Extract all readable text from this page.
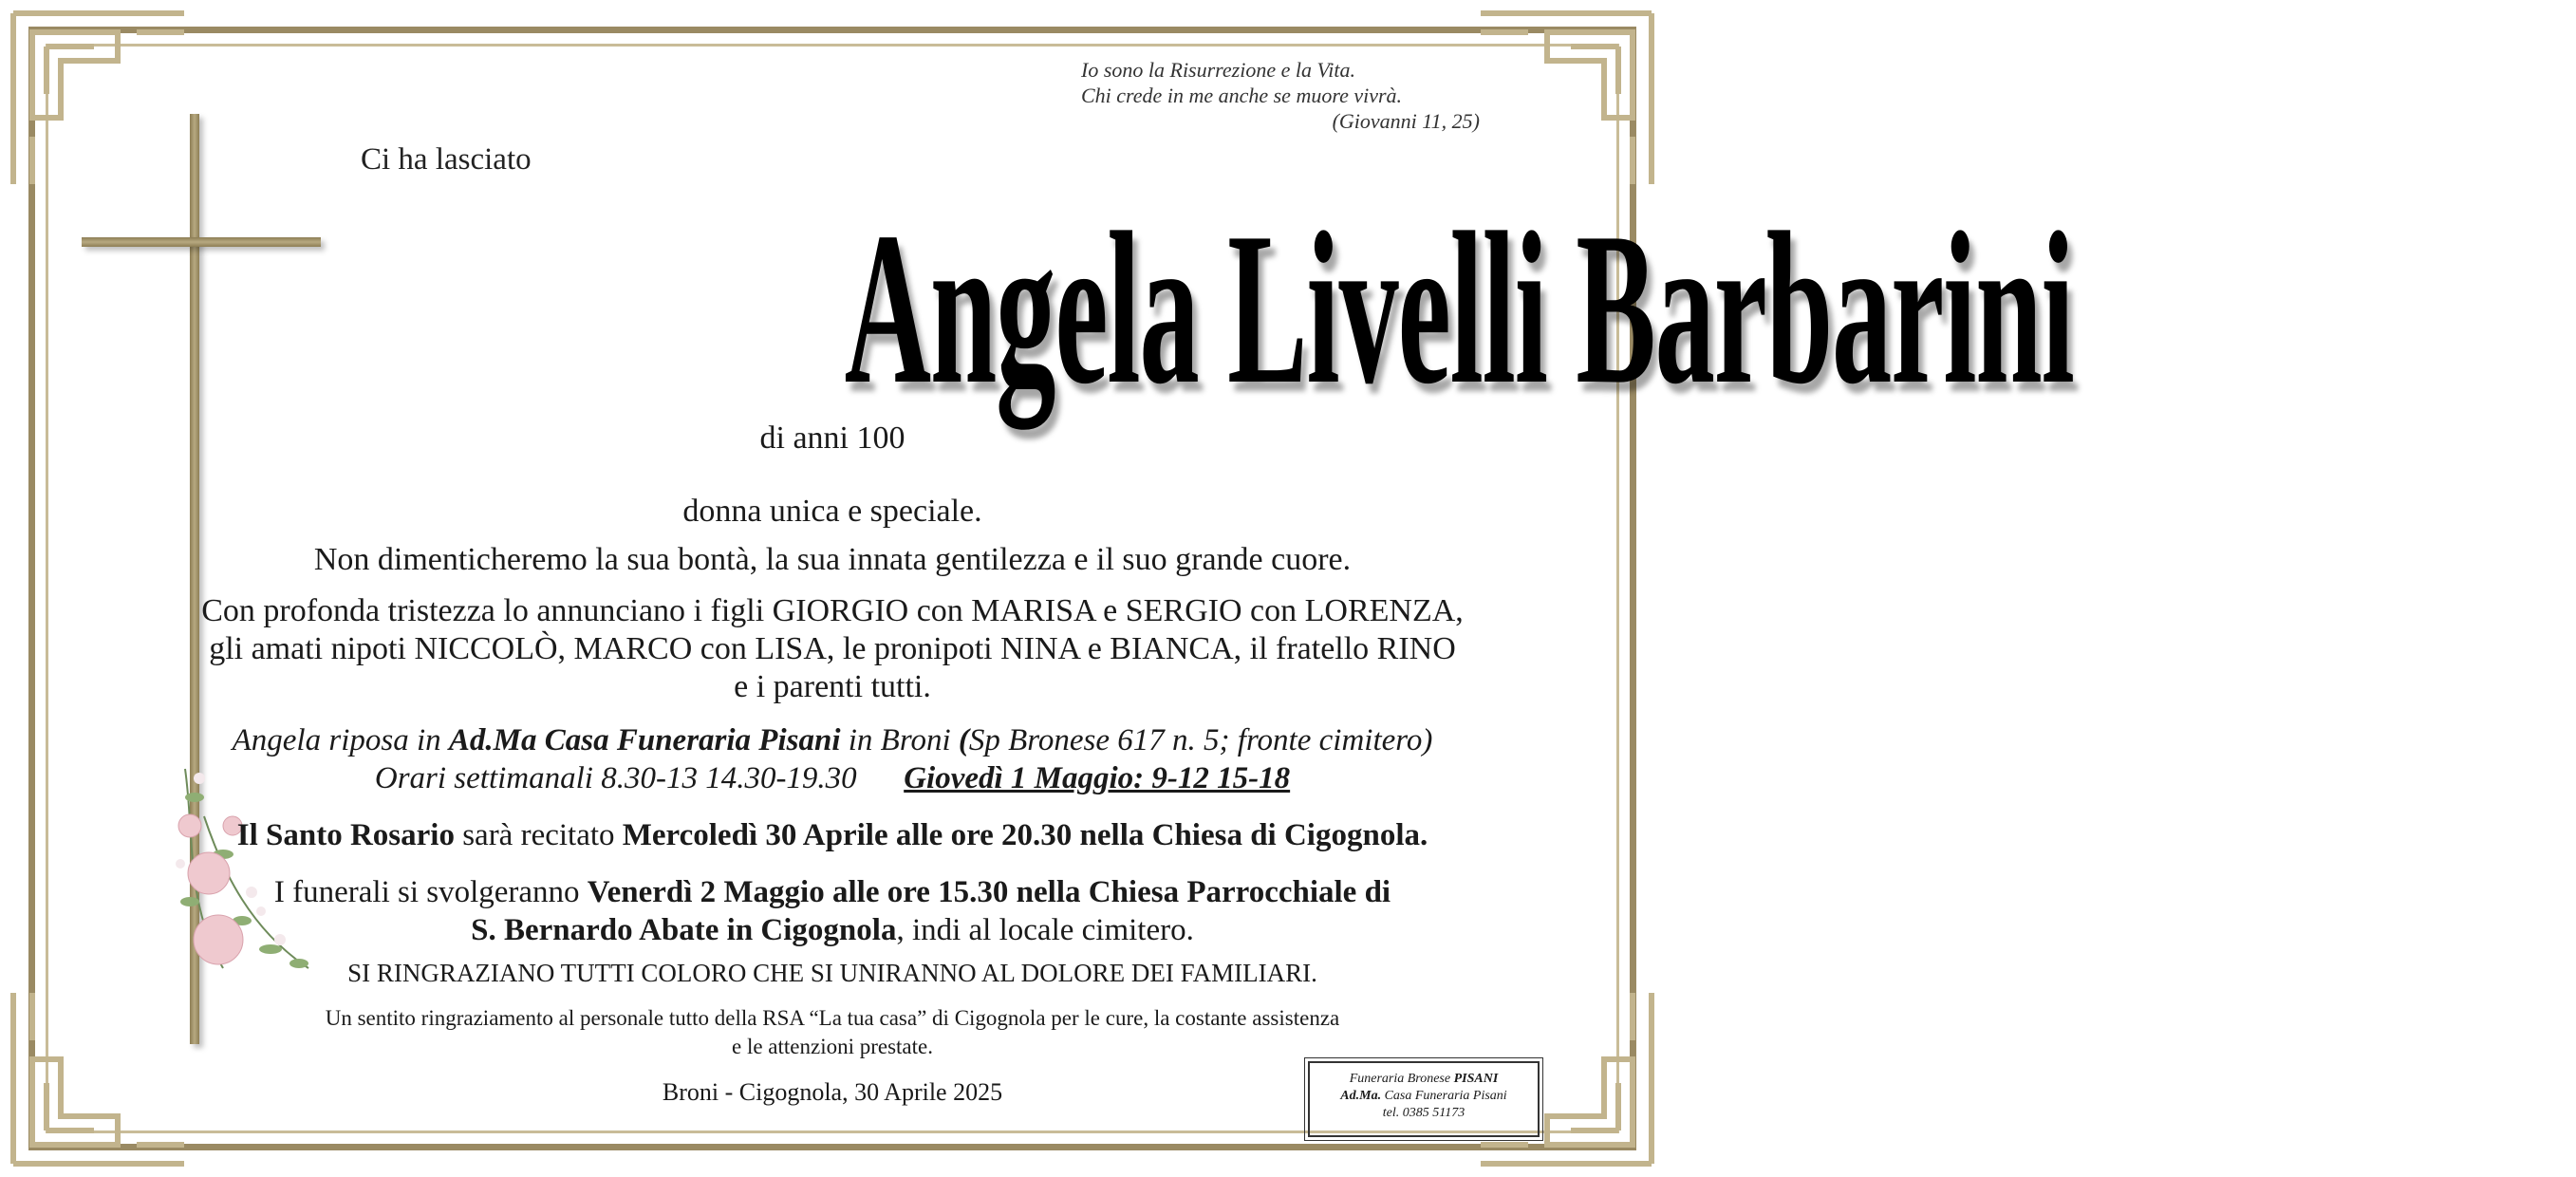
Io sono la Risurrezione e la Vita.
Chi crede in me anche se muore vivrà.
(Giovanni 11, 25)
Ci ha lasciato
Angela Livelli Barbarini
di anni 100
donna unica e speciale.
Non dimenticheremo la sua bontà, la sua innata gentilezza e il suo grande cuore.
Con profonda tristezza lo annunciano i figli GIORGIO con MARISA e SERGIO con LORENZA,
gli amati nipoti NICCOLÒ, MARCO con LISA, le pronipoti NINA e BIANCA, il fratello RINO
e i parenti tutti.
Angela riposa in Ad.Ma Casa Funeraria Pisani in Broni (Sp Bronese 617 n. 5; fronte cimitero)
Orari settimanali 8.30-13 14.30-19.30 Giovedì 1 Maggio: 9-12 15-18
Il Santo Rosario sarà recitato Mercoledì 30 Aprile alle ore 20.30 nella Chiesa di Cigognola.
I funerali si svolgeranno Venerdì 2 Maggio alle ore 15.30 nella Chiesa Parrocchiale di
S. Bernardo Abate in Cigognola, indi al locale cimitero.
SI RINGRAZIANO TUTTI COLORO CHE SI UNIRANNO AL DOLORE DEI FAMILIARI.
Un sentito ringraziamento al personale tutto della RSA “La tua casa” di Cigognola per le cure, la costante assistenza
e le attenzioni prestate.
Broni - Cigognola, 30 Aprile 2025	Funeraria Bronese PISANI
Ad.Ma. Casa Funeraria Pisani
tel. 0385 51173
